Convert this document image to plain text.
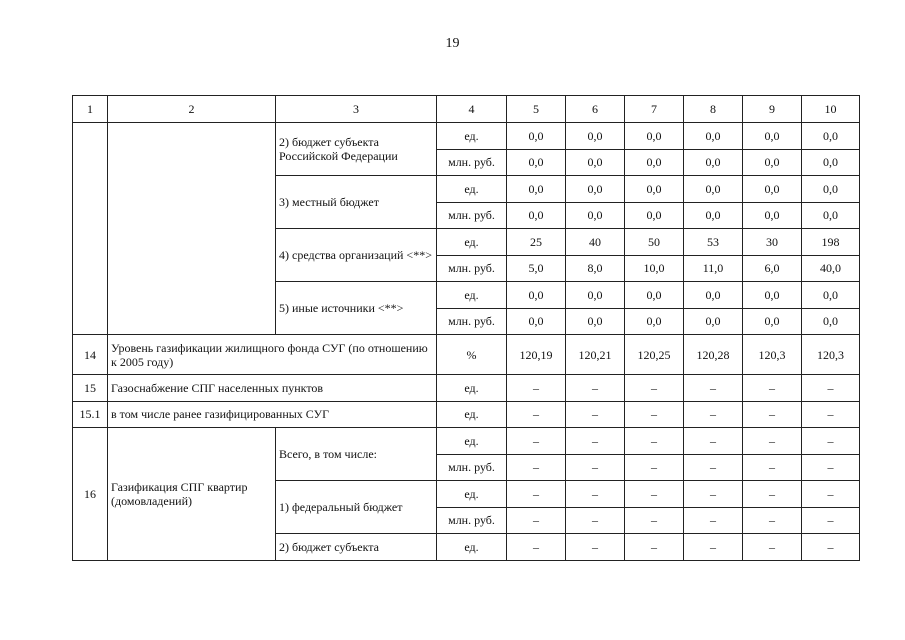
19
1	2	3	4	5	6	7	8	9	10
		2) бюджет субъекта Российской Федерации	ед.	0,0	0,0	0,0	0,0	0,0	0,0
			млн. руб.	0,0	0,0	0,0	0,0	0,0	0,0
		3) местный бюджет	ед.	0,0	0,0	0,0	0,0	0,0	0,0
			млн. руб.	0,0	0,0	0,0	0,0	0,0	0,0
		4) средства организаций <**>	ед.	25	40	50	53	30	198
			млн. руб.	5,0	8,0	10,0	11,0	6,0	40,0
		5) иные источники <**>	ед.	0,0	0,0	0,0	0,0	0,0	0,0
			млн. руб.	0,0	0,0	0,0	0,0	0,0	0,0
14	Уровень газификации жилищного фонда СУГ (по отношению к 2005 году)		%	120,19	120,21	120,25	120,28	120,3	120,3
15	Газоснабжение СПГ населенных пунктов		ед.	–	–	–	–	–	–
15.1	в том числе ранее газифицированных СУГ		ед.	–	–	–	–	–	–
16	Газификация СПГ квартир (домовладений)	Всего, в том числе:	ед.	–	–	–	–	–	–
			млн. руб.	–	–	–	–	–	–
		1) федеральный бюджет	ед.	–	–	–	–	–	–
			млн. руб.	–	–	–	–	–	–
		2) бюджет субъекта	ед.	–	–	–	–	–	–
